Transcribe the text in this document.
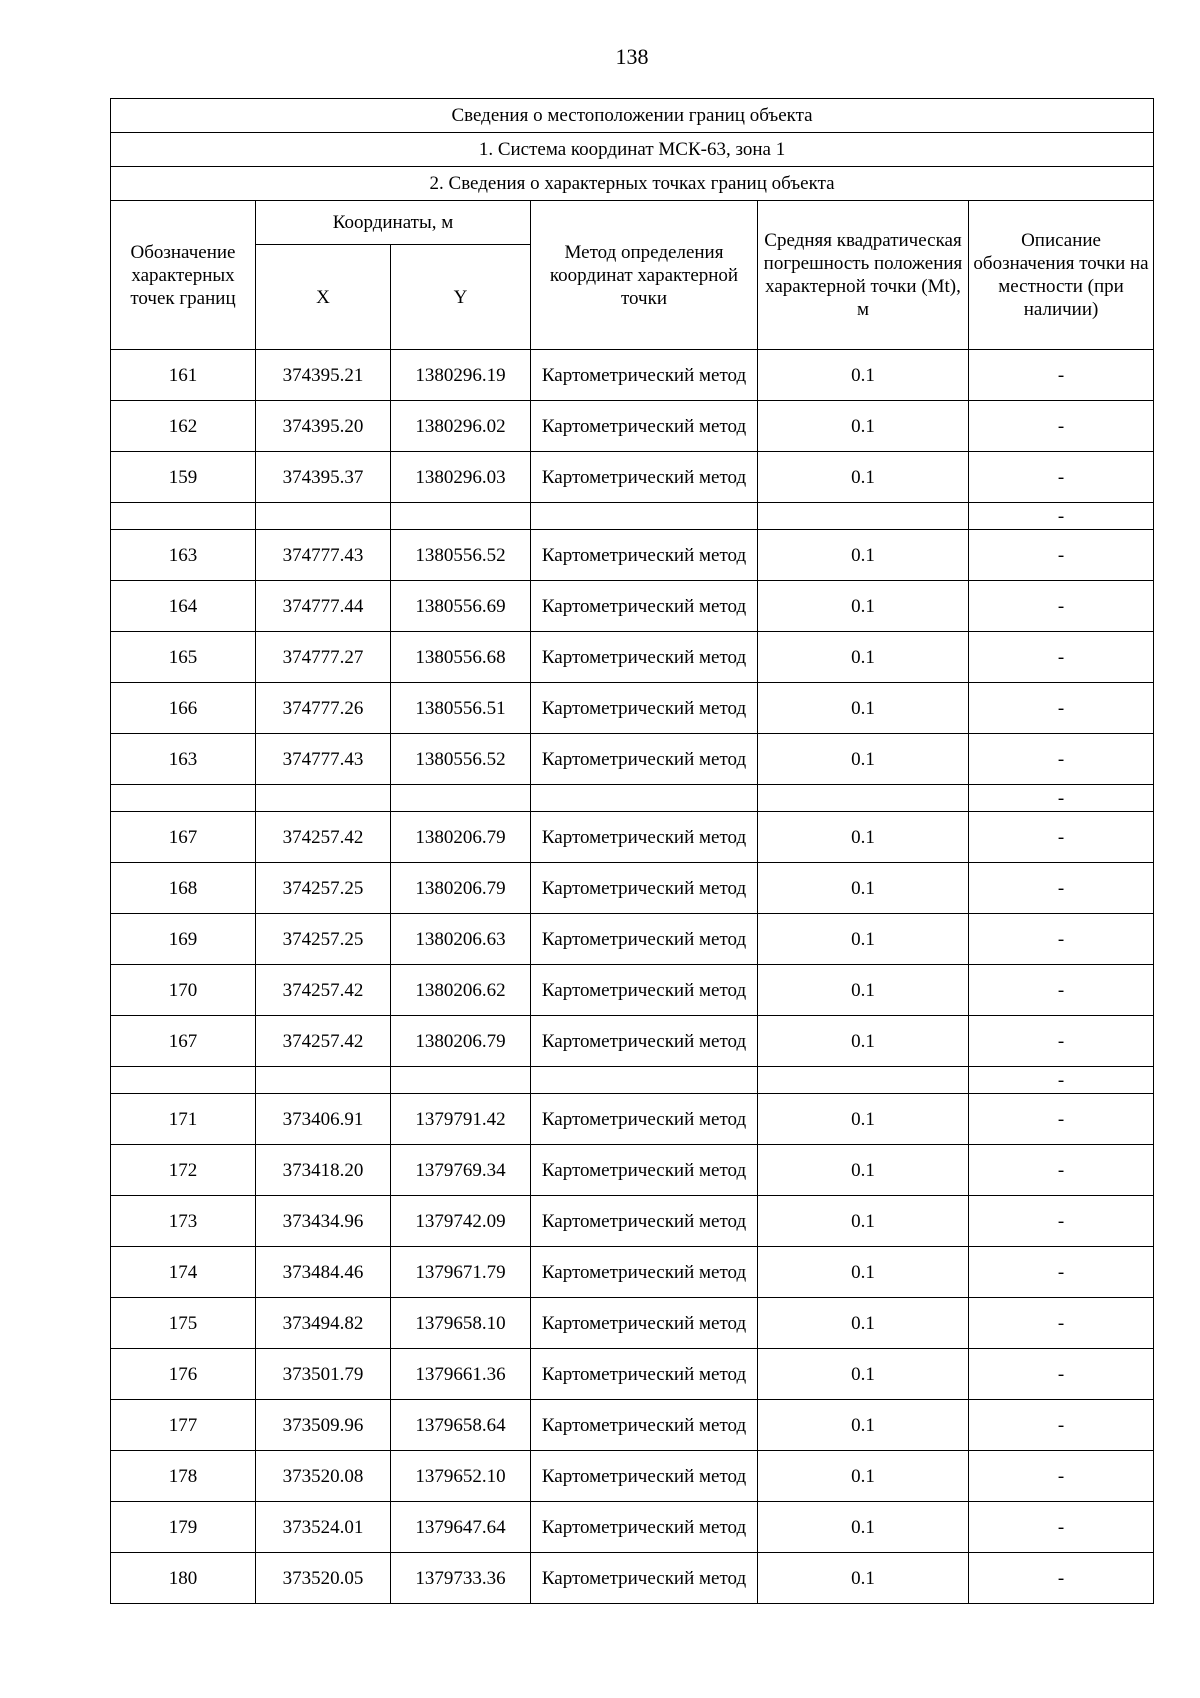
138
Сведения о местоположении границ объекта					
1. Система координат МСК-63, зона 1					
2. Сведения о характерных точках границ объекта					
Обозначение характерных точек границ	Координаты, м		Метод определения координат характерной точки	Средняя квадратическая погрешность положения характерной точки (Mt), м	Описание обозначения точки на местности (при наличии)
	X	Y			
161	374395.21	1380296.19	Картометрический метод	0.1	-
162	374395.20	1380296.02	Картометрический метод	0.1	-
159	374395.37	1380296.03	Картометрический метод	0.1	-
					-
163	374777.43	1380556.52	Картометрический метод	0.1	-
164	374777.44	1380556.69	Картометрический метод	0.1	-
165	374777.27	1380556.68	Картометрический метод	0.1	-
166	374777.26	1380556.51	Картометрический метод	0.1	-
163	374777.43	1380556.52	Картометрический метод	0.1	-
					-
167	374257.42	1380206.79	Картометрический метод	0.1	-
168	374257.25	1380206.79	Картометрический метод	0.1	-
169	374257.25	1380206.63	Картометрический метод	0.1	-
170	374257.42	1380206.62	Картометрический метод	0.1	-
167	374257.42	1380206.79	Картометрический метод	0.1	-
					-
171	373406.91	1379791.42	Картометрический метод	0.1	-
172	373418.20	1379769.34	Картометрический метод	0.1	-
173	373434.96	1379742.09	Картометрический метод	0.1	-
174	373484.46	1379671.79	Картометрический метод	0.1	-
175	373494.82	1379658.10	Картометрический метод	0.1	-
176	373501.79	1379661.36	Картометрический метод	0.1	-
177	373509.96	1379658.64	Картометрический метод	0.1	-
178	373520.08	1379652.10	Картометрический метод	0.1	-
179	373524.01	1379647.64	Картометрический метод	0.1	-
180	373520.05	1379733.36	Картометрический метод	0.1	-
